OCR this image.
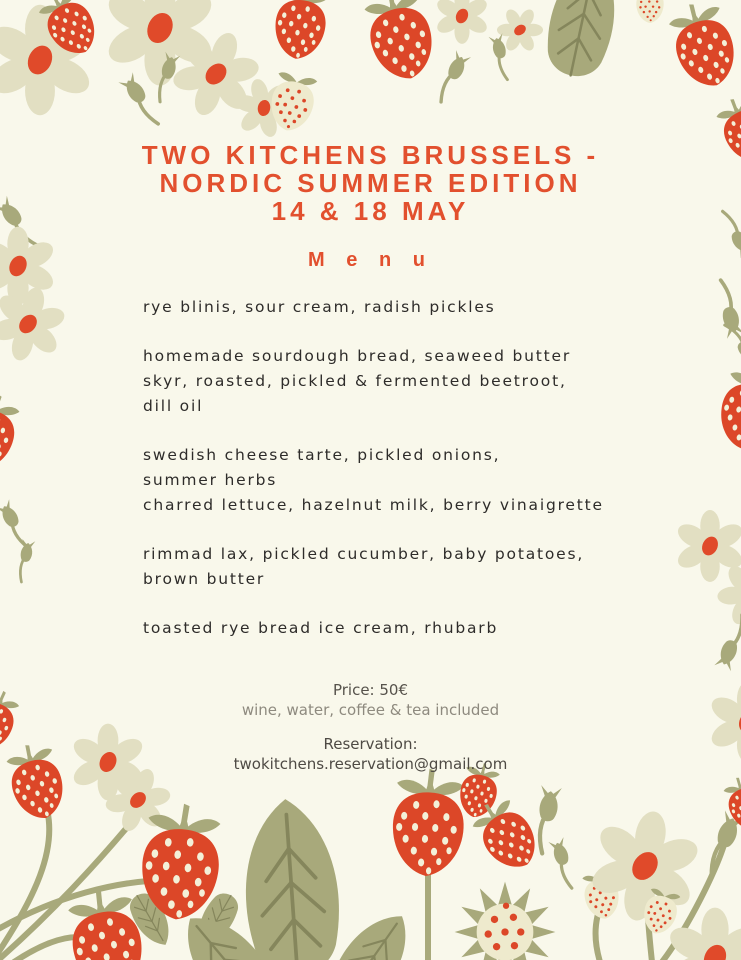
TWO KITCHENS BRUSSELS -
NORDIC SUMMER EDITION
14 & 18 MAY
M e n u
rye blinis, sour cream, radish pickles
homemade sourdough bread, seaweed butter
skyr, roasted, pickled & fermented beetroot,
dill oil
swedish cheese tarte, pickled onions,
summer herbs
charred lettuce, hazelnut milk, berry vinaigrette
rimmad lax, pickled cucumber, baby potatoes,
brown butter
toasted rye bread ice cream, rhubarb
Price: 50€
wine, water, coffee & tea included
Reservation:
twokitchens.reservation@gmail.com
